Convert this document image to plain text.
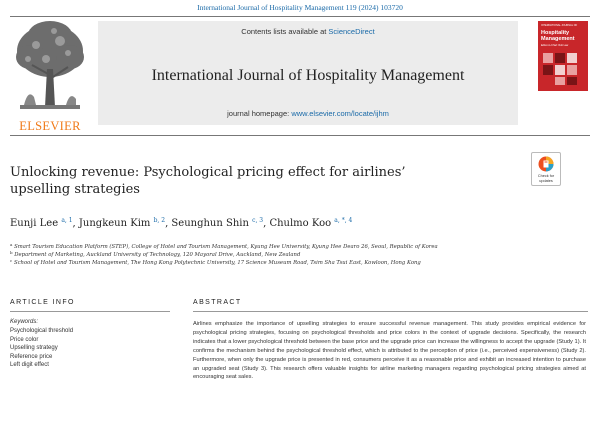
International Journal of Hospitality Management 119 (2024) 103720
ELSEVIER
Contents lists available at ScienceDirect
International Journal of Hospitality Management
journal homepage: www.elsevier.com/locate/ijhm
INTERNATIONAL JOURNAL OF
Hospitality
Management
Editor-in-Chief: Rob Law
Unlocking revenue: Psychological pricing effect for airlines’
upselling strategies
Check for
updates
Eunji Lee $^{a, 1}$, Jungkeun Kim $^{b, 2}$, Seunghun Shin $^{c, 3}$, Chulmo Koo $^{a, *, 4}$
$^a$ Smart Tourism Education Platform (STEP), College of Hotel and Tourism Management, Kyung Hee University, Kyung Hee Dearo 26, Seoul, Republic of Korea
$^b$ Department of Marketing, Auckland University of Technology, 120 Mayoral Drive, Auckland, New Zealand
$^c$ School of Hotel and Tourism Management, The Hong Kong Polytechnic University, 17 Science Museum Road, Tsim Sha Tsui East, Kowloon, Hong Kong
ARTICLE INFO	ABSTRACT
Keywords:
Psychological threshold
Price color
Upselling strategy
Reference price
Left digit effect
Airlines emphasize the importance of upselling strategies to ensure successful revenue management. This study provides empirical evidence for psychological pricing strategies, focusing on psychological thresholds and price colors in the context of upgrade decisions. Specifically, the research indicates that a lower psychological threshold between the base price and the upgrade price can increase the willingness to accept the upgrade (Study 1). It confirms the mechanism behind the psychological threshold effect, which is attributed to the perception of price (i.e., perceived expensiveness) (Study 2). Furthermore, when only the upgrade price is presented in red, consumers perceive it as a reasonable price and exhibit an increased intention to purchase an upgraded seat (Study 3). This research offers valuable insights for airline marketing managers regarding psychological pricing strategies aimed at encouraging seat sales.
